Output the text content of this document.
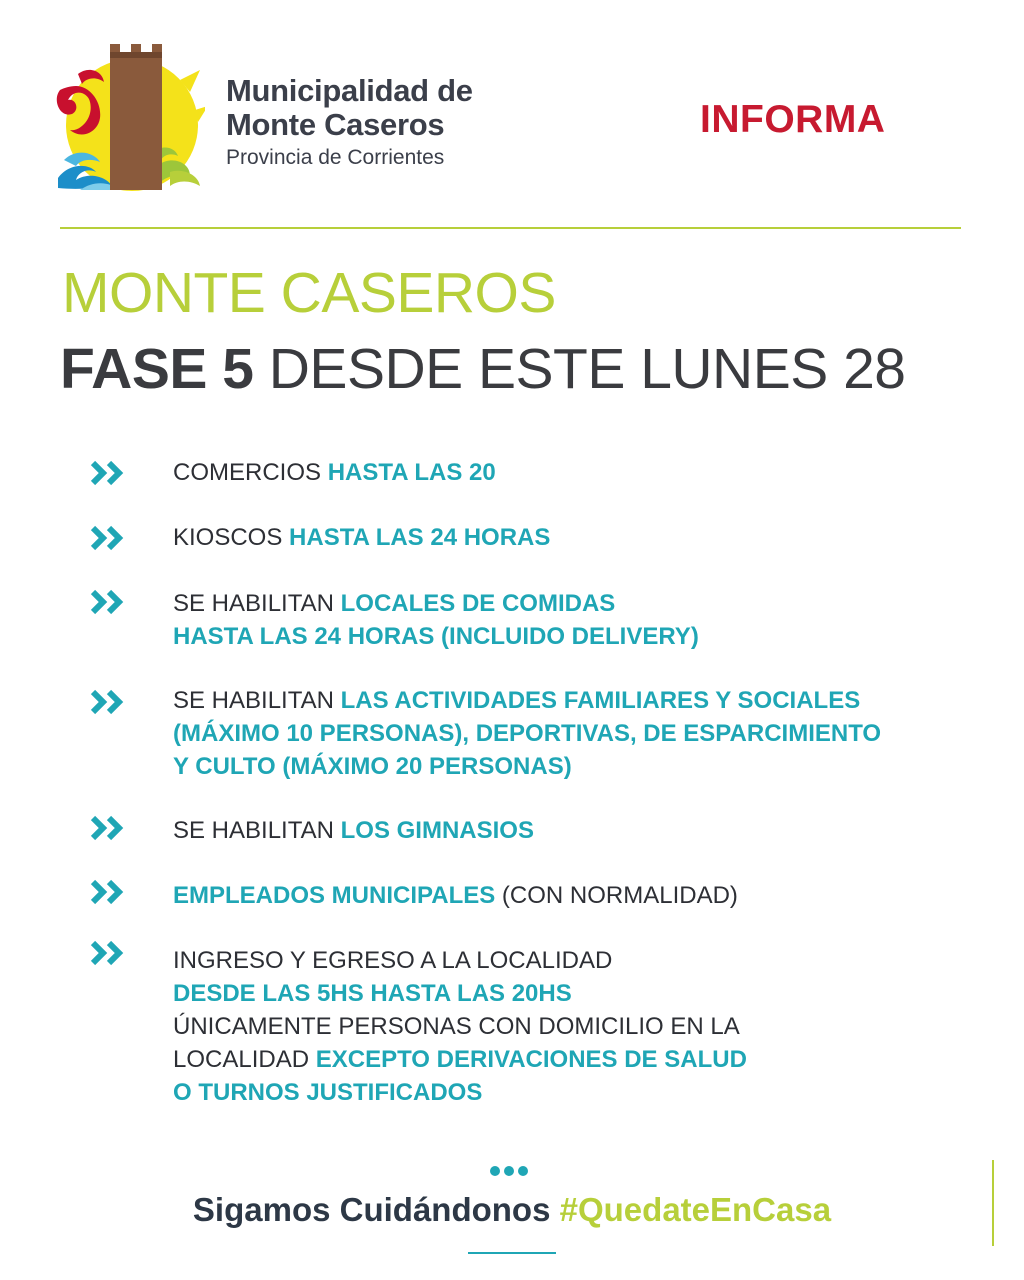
Municipalidad de
Monte Caseros
Provincia de Corrientes
INFORMA
MONTE CASEROS
FASE 5 DESDE ESTE LUNES 28
COMERCIOS HASTA LAS 20
KIOSCOS HASTA LAS 24 HORAS
SE HABILITAN LOCALES DE COMIDAS
HASTA LAS 24 HORAS (INCLUIDO DELIVERY)
SE HABILITAN LAS ACTIVIDADES FAMILIARES Y SOCIALES
(MÁXIMO 10 PERSONAS), DEPORTIVAS, DE ESPARCIMIENTO
Y CULTO (MÁXIMO 20 PERSONAS)
SE HABILITAN LOS GIMNASIOS
EMPLEADOS MUNICIPALES (CON NORMALIDAD)
INGRESO Y EGRESO A LA LOCALIDAD
DESDE LAS 5HS HASTA LAS 20HS
ÚNICAMENTE PERSONAS CON DOMICILIO EN LA
LOCALIDAD EXCEPTO DERIVACIONES DE SALUD
O TURNOS JUSTIFICADOS
Sigamos Cuidándonos #QuedateEnCasa
